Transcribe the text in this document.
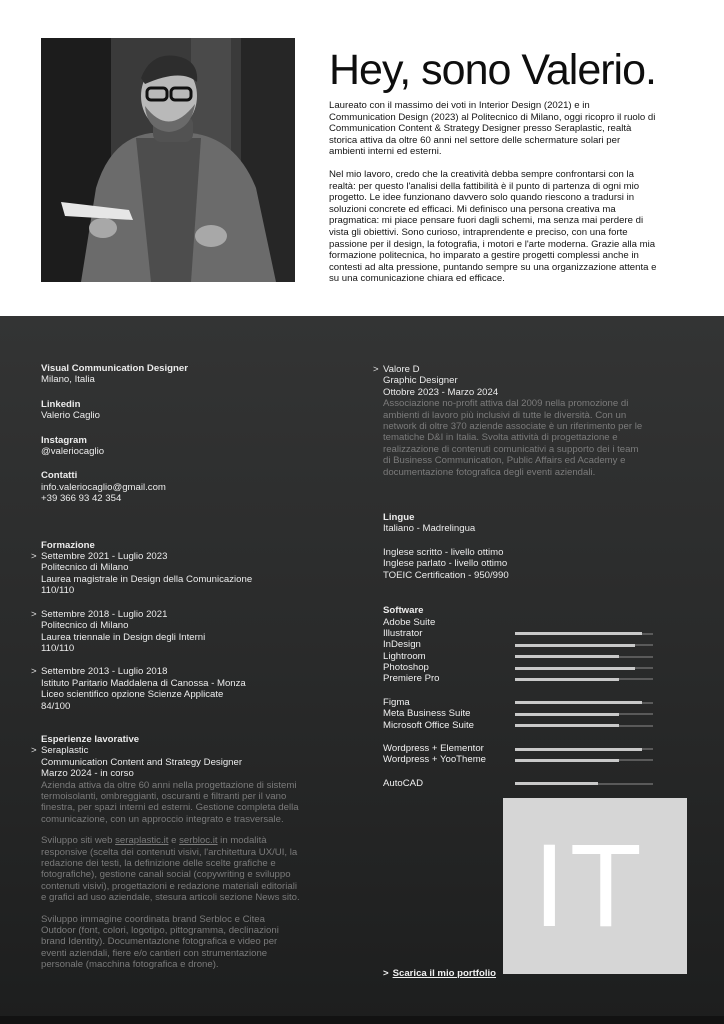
Hey, sono Valerio.

Laureato con il massimo dei voti in Interior Design (2021) e in Communication Design (2023) al Politecnico di Milano, oggi ricopro il ruolo di Communication Content & Strategy Designer presso Seraplastic, realtà storica attiva da oltre 60 anni nel settore delle schermature solari per ambienti interni ed esterni.

Nel mio lavoro, credo che la creatività debba sempre confrontarsi con la realtà: per questo l'analisi della fattibilità è il punto di partenza di ogni mio progetto. Le idee funzionano davvero solo quando riescono a tradursi in soluzioni concrete ed efficaci. Mi definisco una persona creativa ma pragmatica: mi piace pensare fuori dagli schemi, ma senza mai perdere di vista gli obiettivi. Sono curioso, intraprendente e preciso, con una forte passione per il design, la fotografia, i motori e l'arte moderna. Grazie alla mia formazione politecnica, ho imparato a gestire progetti complessi anche in contesti ad alta pressione, puntando sempre su una organizzazione attenta e su una comunicazione chiara ed efficace.

Visual Communication Designer
Milano, Italia
Linkedin
Valerio Caglio
Instagram
@valeriocaglio
Contatti
info.valeriocaglio@gmail.com
+39 366 93 42 354
Formazione
> Settembre 2021 - Luglio 2023
Politecnico di Milano
Laurea magistrale in Design della Comunicazione
110/110
> Settembre 2018 - Luglio 2021
Politecnico di Milano
Laurea triennale in Design degli Interni
110/110
> Settembre 2013 - Luglio 2018
Istituto Paritario Maddalena di Canossa - Monza
Liceo scientifico opzione Scienze Applicate
84/100
Esperienze lavorative
> Seraplastic
Communication Content and Strategy Designer
Marzo 2024 - in corso

Azienda attiva da oltre 60 anni nella progettazione di sistemi termoisolanti, ombreggianti, oscuranti e filtranti per il vano finestra, per spazi interni ed esterni. Gestione completa della comunicazione, con un approccio integrato e trasversale.

Sviluppo siti web seraplastic.it e serbloc.it in modalità responsive (scelta dei contenuti visivi, l'architettura UX/UI, la redazione dei testi, la definizione delle scelte grafiche e fotografiche), gestione canali social (copywriting e sviluppo contenuti visivi), progettazioni e redazione materiali editoriali e grafici ad uso aziendale, stesura articoli sezione News sito.

Sviluppo immagine coordinata brand Serbloc e Citea Outdoor (font, colori, logotipo, pittogramma, declinazioni brand Identity). Documentazione fotografica e video per eventi aziendali, fiere e/o cantieri con strumentazione personale (macchina fotografica e drone).

> Valore D
Graphic Designer
Ottobre 2023 - Marzo 2024
Associazione no-profit attiva dal 2009 nella promozione di ambienti di lavoro più inclusivi di tutte le diversità. Con un network di oltre 370 aziende associate è un riferimento per le tematiche D&I in Italia. Svolta attività di progettazione e realizzazione di contenuti comunicativi a supporto dei i team di Business Communication, Public Affairs ed Academy e documentazione fotografica degli eventi aziendali.
Lingue
Italiano - Madrelingua
Inglese scritto - livello ottimo
Inglese parlato - livello ottimo
TOEIC Certification - 950/990
Software
Adobe Suite
Illustrator
InDesign
Lightroom
Photoshop
Premiere Pro
Figma
Meta Business Suite
Microsoft Office Suite
Wordpress + Elementor
Wordpress + YooTheme
AutoCAD
> Scarica il mio portfolio
IT
